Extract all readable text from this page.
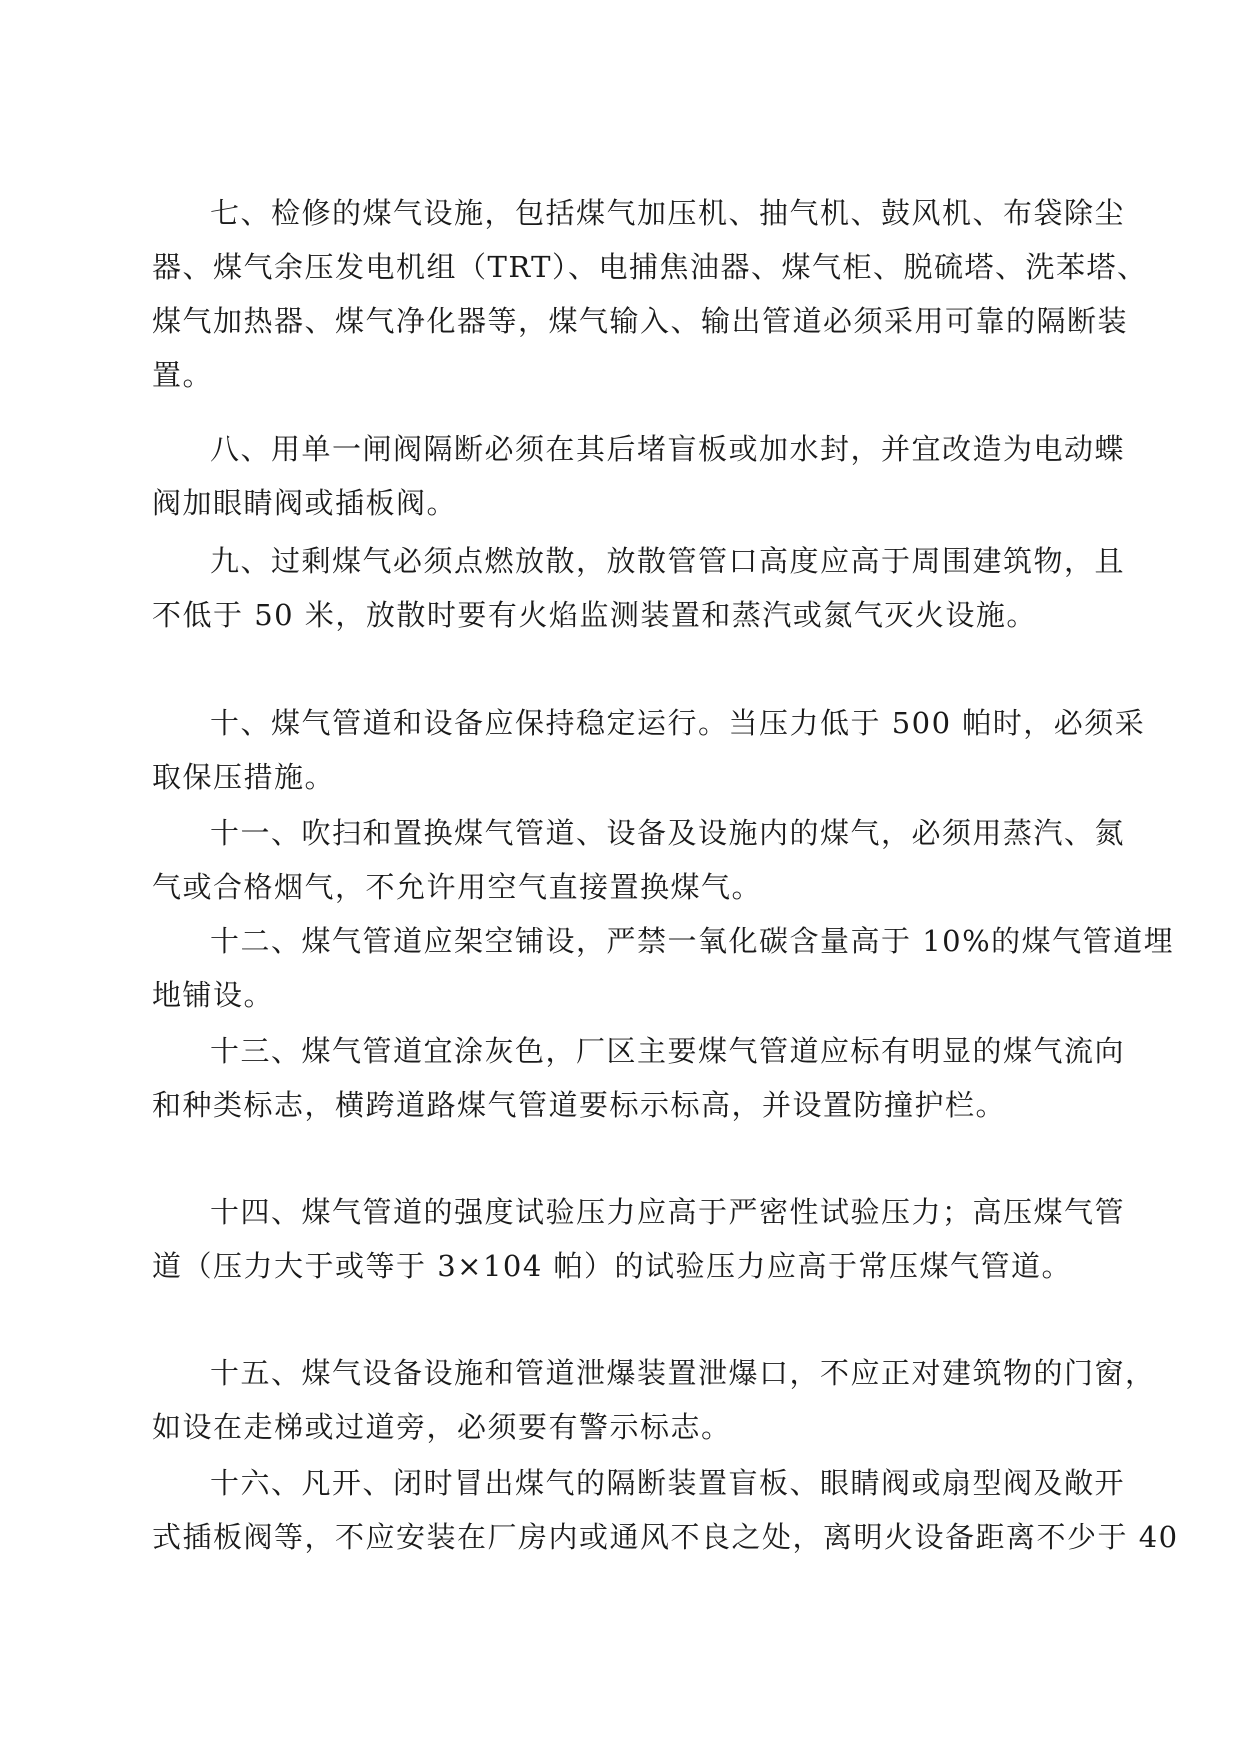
七、检修的煤气设施，包括煤气加压机、抽气机、鼓风机、布袋除尘
器、煤气余压发电机组（TRT）、电捕焦油器、煤气柜、脱硫塔、洗苯塔、
煤气加热器、煤气净化器等，煤气输入、输出管道必须采用可靠的隔断装
置。
八、用单一闸阀隔断必须在其后堵盲板或加水封，并宜改造为电动蝶
阀加眼睛阀或插板阀。
九、过剩煤气必须点燃放散，放散管管口高度应高于周围建筑物，且
不低于 50 米，放散时要有火焰监测装置和蒸汽或氮气灭火设施。
十、煤气管道和设备应保持稳定运行。当压力低于 500 帕时，必须采
取保压措施。
十一、吹扫和置换煤气管道、设备及设施内的煤气，必须用蒸汽、氮
气或合格烟气，不允许用空气直接置换煤气。
十二、煤气管道应架空铺设，严禁一氧化碳含量高于 10%的煤气管道埋
地铺设。
十三、煤气管道宜涂灰色，厂区主要煤气管道应标有明显的煤气流向
和种类标志，横跨道路煤气管道要标示标高，并设置防撞护栏。
十四、煤气管道的强度试验压力应高于严密性试验压力；高压煤气管
道（压力大于或等于 3×104 帕）的试验压力应高于常压煤气管道。
十五、煤气设备设施和管道泄爆装置泄爆口，不应正对建筑物的门窗，
如设在走梯或过道旁，必须要有警示标志。
十六、凡开、闭时冒出煤气的隔断装置盲板、眼睛阀或扇型阀及敞开
式插板阀等，不应安装在厂房内或通风不良之处，离明火设备距离不少于 40
